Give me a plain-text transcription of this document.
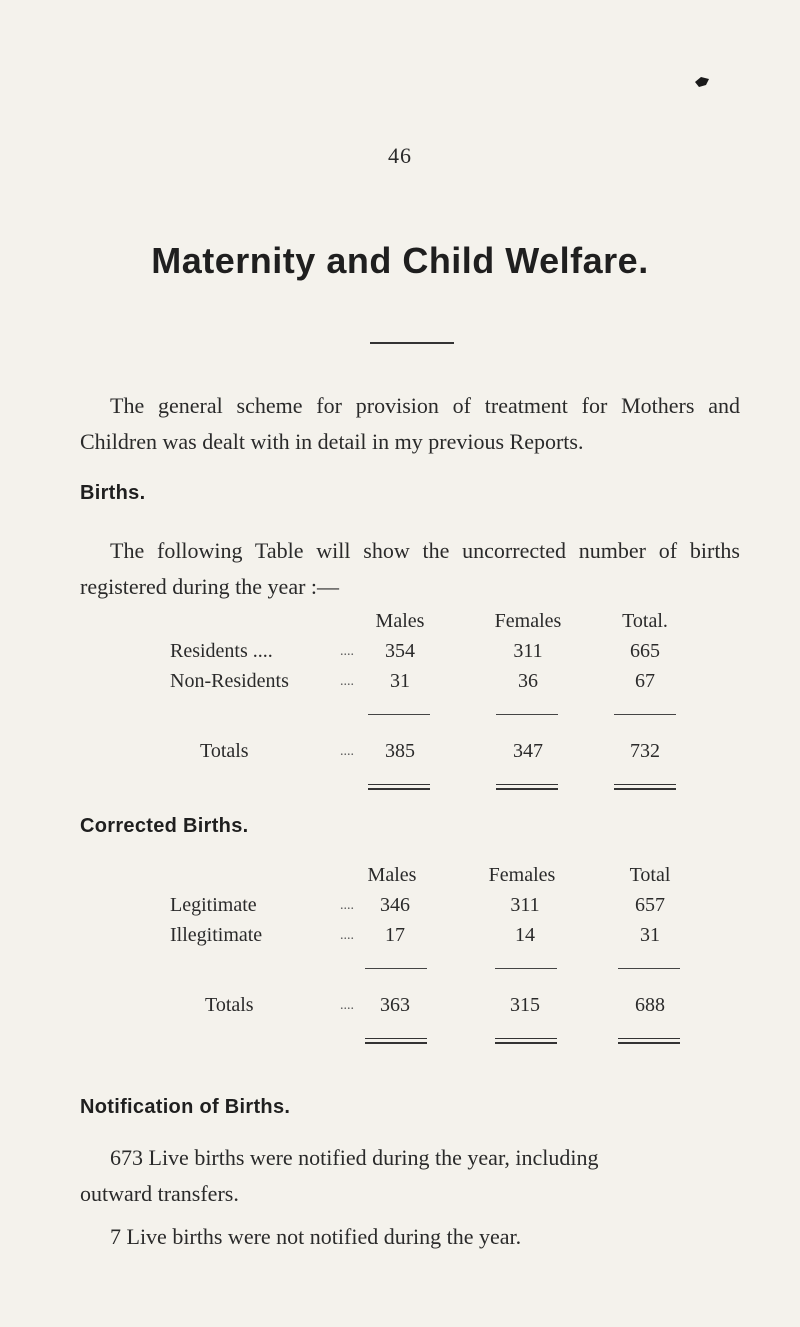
46
Maternity and Child Welfare.
The general scheme for provision of treatment for Mothers and Children was dealt with in detail in my previous Reports.
Births.
The following Table will show the uncorrected number of births registered during the year :—
Males	Females	Total.
Residents ....	....	354	311	665
Non-Residents	....	31	36	67
Totals	....	385	347	732
Corrected Births.
Males	Females	Total
Legitimate	....	346	311	657
Illegitimate	....	17	14	31
Totals	....	363	315	688
Notification of Births.
673 Live births were notified during the year, including
outward transfers.
7 Live births were not notified during the year.
